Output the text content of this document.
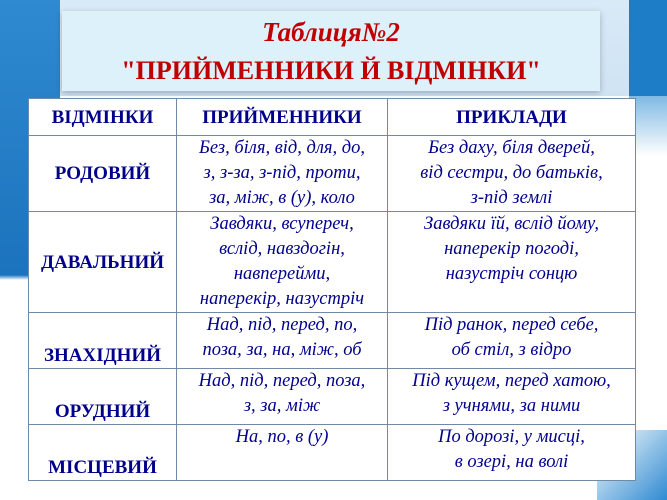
Таблиця№2
"ПРИЙМЕННИКИ Й ВІДМІНКИ"
ВІДМІНКИ	ПРИЙМЕННИКИ	ПРИКЛАДИ
РОДОВИЙ	Без, біля, від, для, до,
з, з-за, з-під, проти,
за, між, в (у), коло	Без даху, біля дверей,
від сестри, до батьків,
з-під землі

ДАВАЛЬНИЙ	Завдяки, всупереч,
вслід, навздогін,
навперейми,
наперекір, назустріч	Завдяки їй, вслід йому,
наперекір погоді,
назустріч сонцю

ЗНАХІДНИЙ	Над, під, перед, по,
поза, за, на, між, об	Під ранок, перед себе,
об стіл, з відро

ОРУДНИЙ	Над, під, перед, поза,
з, за, між	Під кущем, перед хатою,
з учнями, за ними

МІСЦЕВИЙ	На, по, в (у)	По дорозі, у мисці,
в озері, на волі
